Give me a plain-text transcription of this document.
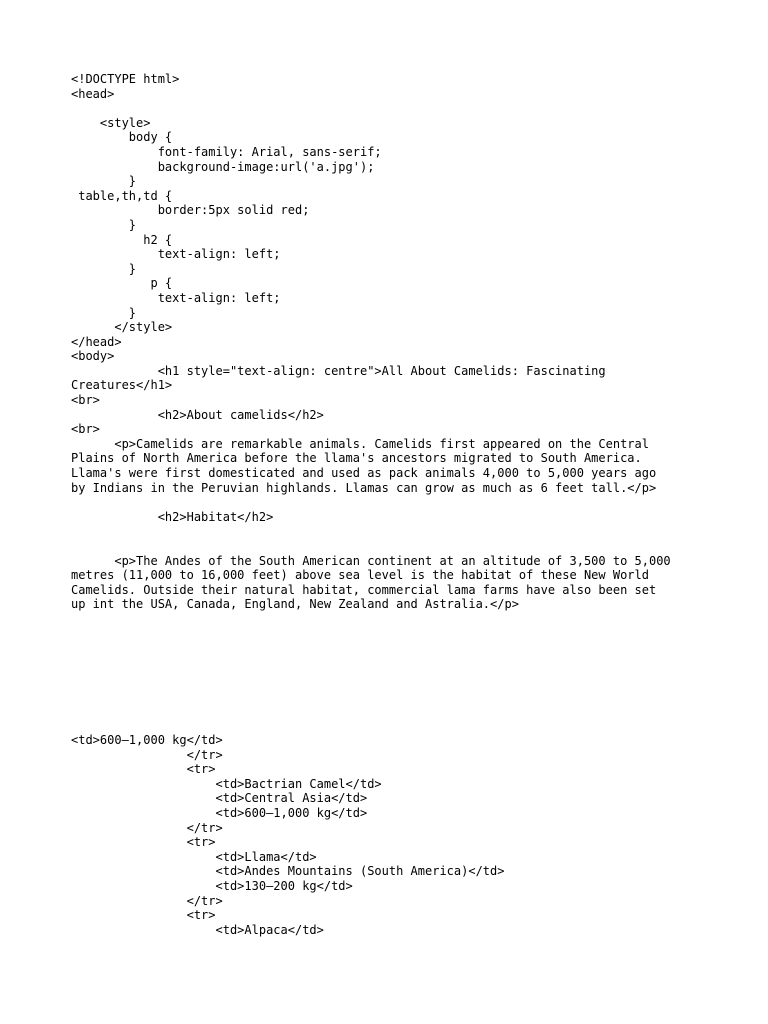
<!DOCTYPE html>
<head>

<style>
body {
font-family: Arial, sans-serif;
background-image:url('a.jpg');
}
table,th,td {
border:5px solid red;
}
h2 {
text-align: left;
}
p {
text-align: left;
}
</style>
</head>
<body>
<h1 style="text-align: centre">All About Camelids: Fascinating
Creatures</h1>
<br>
<h2>About camelids</h2>
<br>
<p>Camelids are remarkable animals. Camelids first appeared on the Central
Plains of North America before the llama's ancestors migrated to South America.
Llama's were first domesticated and used as pack animals 4,000 to 5,000 years ago
by Indians in the Peruvian highlands. Llamas can grow as much as 6 feet tall.</p>

<h2>Habitat</h2>

<p>The Andes of the South American continent at an altitude of 3,500 to 5,000
metres (11,000 to 16,000 feet) above sea level is the habitat of these New World
Camelids. Outside their natural habitat, commercial lama farms have also been set
up int the USA, Canada, England, New Zealand and Astralia.</p>
<td>600–1,000 kg</td>
</tr>
<tr>
<td>Bactrian Camel</td>
<td>Central Asia</td>
<td>600–1,000 kg</td>
</tr>
<tr>
<td>Llama</td>
<td>Andes Mountains (South America)</td>
<td>130–200 kg</td>
</tr>
<tr>
<td>Alpaca</td>
